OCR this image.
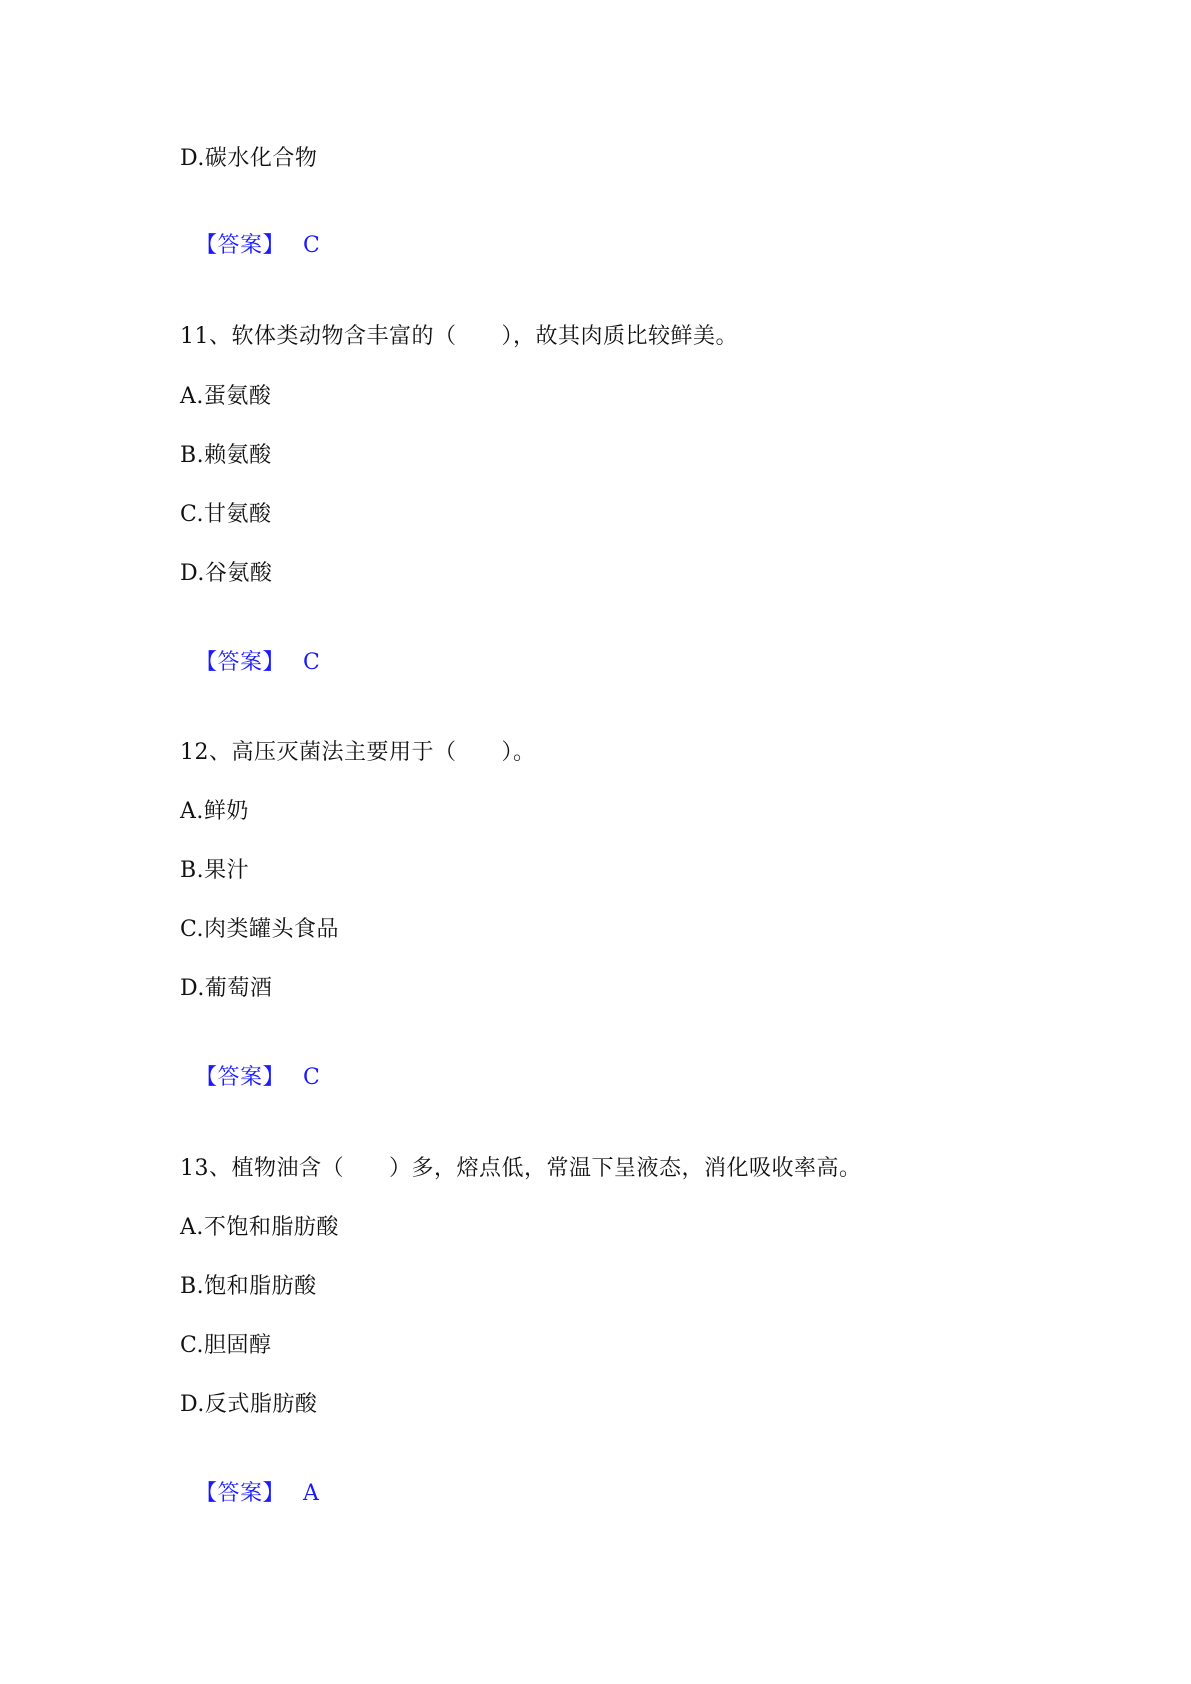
D.碳水化合物

【答案】 C

11、软体类动物含丰富的（　　），故其肉质比较鲜美。
A.蛋氨酸
B.赖氨酸
C.甘氨酸
D.谷氨酸

【答案】 C

12、高压灭菌法主要用于（　　）。
A.鲜奶
B.果汁
C.肉类罐头食品
D.葡萄酒

【答案】 C

13、植物油含（　　）多，熔点低，常温下呈液态，消化吸收率高。
A.不饱和脂肪酸
B.饱和脂肪酸
C.胆固醇
D.反式脂肪酸

【答案】 A
